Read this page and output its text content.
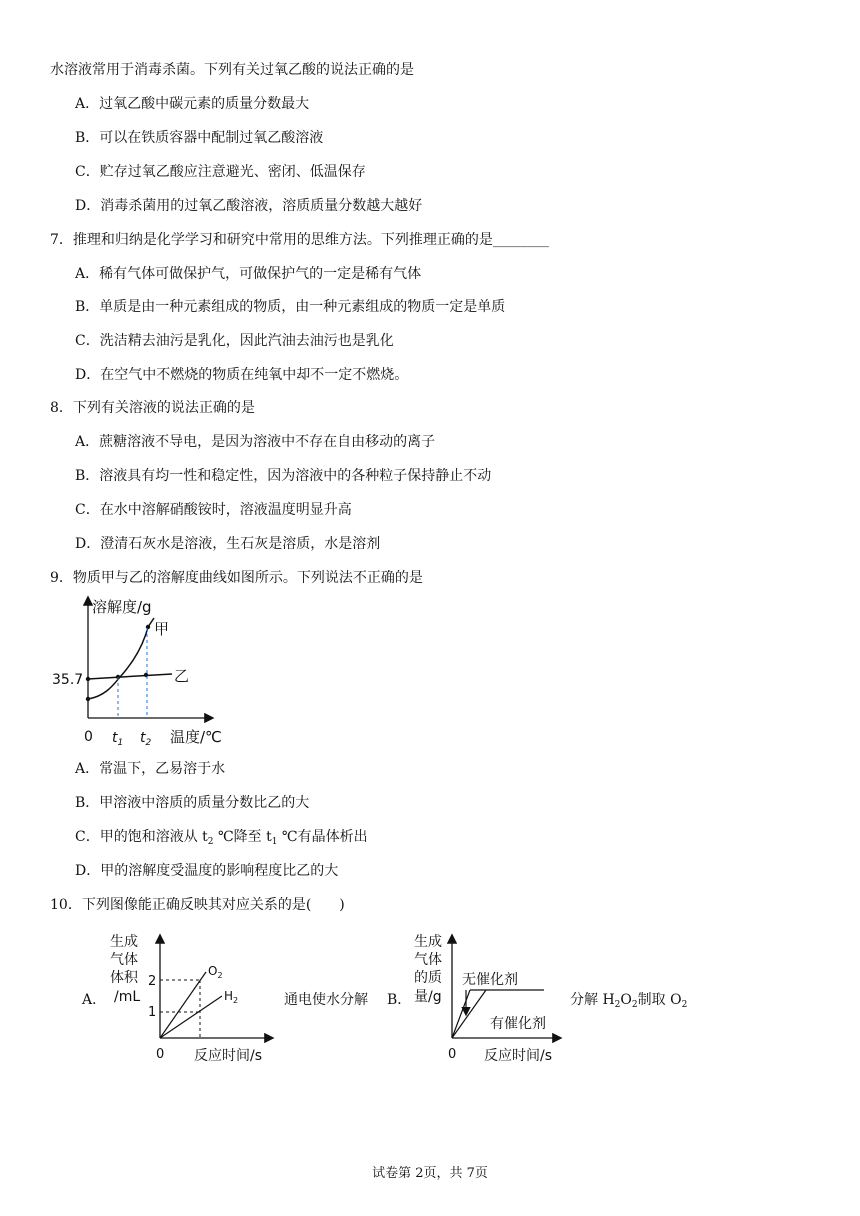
水溶液常用于消毒杀菌。下列有关过氧乙酸的说法正确的是
A．过氧乙酸中碳元素的质量分数最大
B．可以在铁质容器中配制过氧乙酸溶液
C．贮存过氧乙酸应注意避光、密闭、低温保存
D．消毒杀菌用的过氧乙酸溶液，溶质质量分数越大越好
7．推理和归纳是化学学习和研究中常用的思维方法。下列推理正确的是________
A．稀有气体可做保护气，可做保护气的一定是稀有气体
B．单质是由一种元素组成的物质，由一种元素组成的物质一定是单质
C．洗洁精去油污是乳化，因此汽油去油污也是乳化
D．在空气中不燃烧的物质在纯氧中却不一定不燃烧。
8．下列有关溶液的说法正确的是
A．蔗糖溶液不导电，是因为溶液中不存在自由移动的离子
B．溶液具有均一性和稳定性，因为溶液中的各种粒子保持静止不动
C．在水中溶解硝酸铵时，溶液温度明显升高
D．澄清石灰水是溶液，生石灰是溶质，水是溶剂
9．物质甲与乙的溶解度曲线如图所示。下列说法不正确的是
溶解度/g
温度/℃
0
35.7
甲
乙
$t_1$ $t_2$
A．常温下，乙易溶于水
B．甲溶液中溶质的质量分数比乙的大
C．甲的饱和溶液从 $t_2$ ℃降至 $t_1$ ℃有晶体析出
D．甲的溶解度受温度的影响程度比乙的大
10．下列图像能正确反映其对应关系的是(　　)
A．
生成
气体
体积
/mL
0 反应时间/s
2
1
$O_2$
$H_2$	通电使水分解 B．
生成
气体
的质
量/g
0 反应时间/s
无催化剂
有催化剂
分解 $H_2O_2$制取 $O_2$
试卷第 2页，共 7页
